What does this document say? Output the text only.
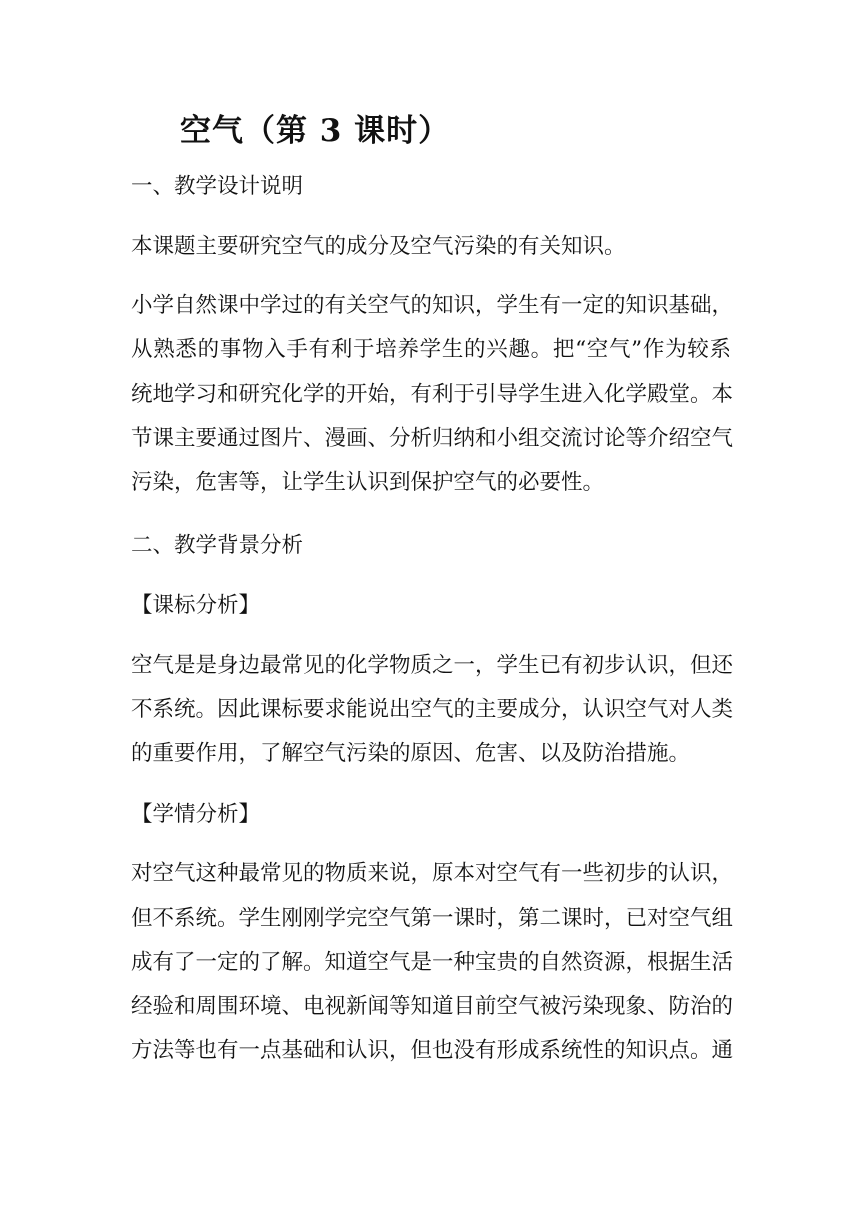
空气（第 3 课时）

一、教学设计说明

本课题主要研究空气的成分及空气污染的有关知识。

小学自然课中学过的有关空气的知识，学生有一定的知识基础，

从熟悉的事物入手有利于培养学生的兴趣。把“空气”作为较系

统地学习和研究化学的开始，有利于引导学生进入化学殿堂。本

节课主要通过图片、漫画、分析归纳和小组交流讨论等介绍空气

污染，危害等，让学生认识到保护空气的必要性。

二、教学背景分析

【课标分析】

空气是是身边最常见的化学物质之一，学生已有初步认识，但还

不系统。因此课标要求能说出空气的主要成分，认识空气对人类

的重要作用，了解空气污染的原因、危害、以及防治措施。

【学情分析】

对空气这种最常见的物质来说，原本对空气有一些初步的认识，

但不系统。学生刚刚学完空气第一课时，第二课时，已对空气组

成有了一定的了解。知道空气是一种宝贵的自然资源，根据生活

经验和周围环境、电视新闻等知道目前空气被污染现象、防治的

方法等也有一点基础和认识，但也没有形成系统性的知识点。通
